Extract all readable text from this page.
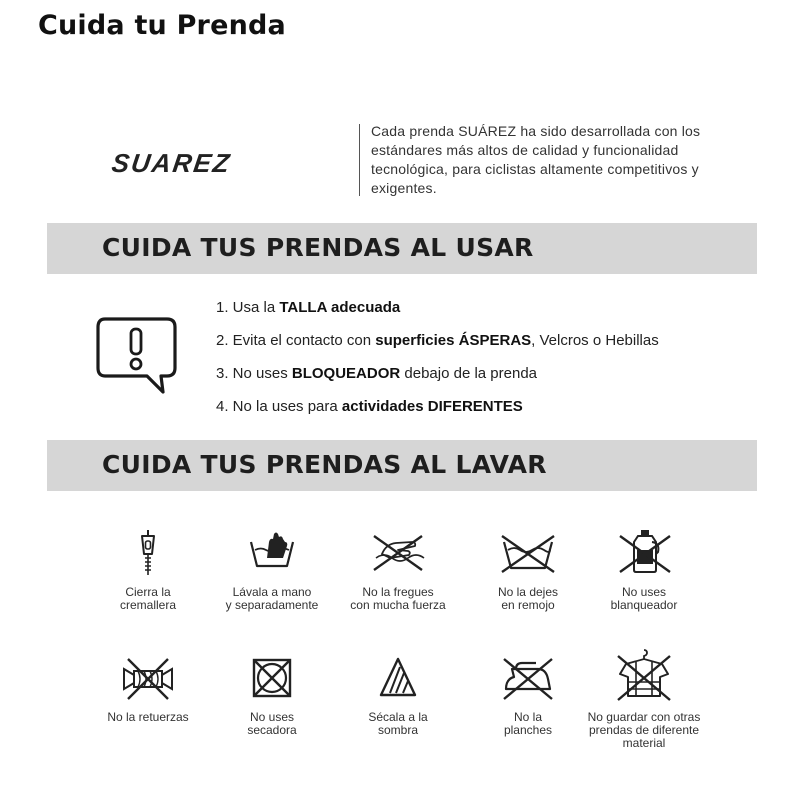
Cuida tu Prenda
SUAREZ

Cada prenda SUÁREZ ha sido desarrollada con los estándares más altos de calidad y funcionalidad tecnológica, para ciclistas altamente competitivos y exigentes.

CUIDA TUS PRENDAS AL USAR
1. Usa la TALLA adecuada
2. Evita el contacto con superficies ÁSPERAS, Velcros o Hebillas
3. No uses BLOQUEADOR debajo de la prenda
4. No la uses para actividades DIFERENTES
CUIDA TUS PRENDAS AL LAVAR
Cierra la
cremallera
Lávala a mano
y separadamente
No la fregues
con mucha fuerza
No la dejes
en remojo
No uses
blanqueador
No la retuerzas	No uses
secadora
Sécala a la
sombra
No la
planches
No guardar con otras
prendas de diferente
material
